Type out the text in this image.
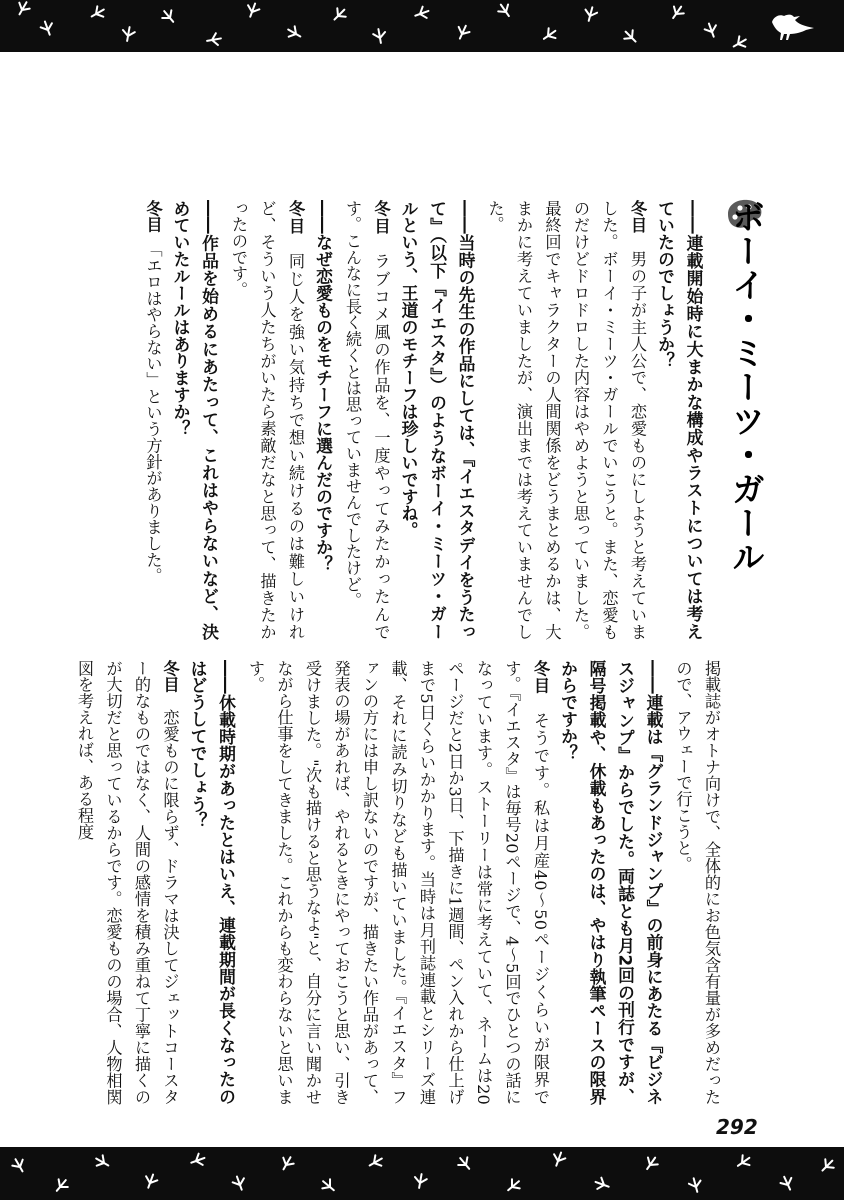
ボーイ・ミーツ・ガール

――連載開始時に大まかな構成やラストについては考えていたのでしょうか？

冬目　男の子が主人公で、恋愛ものにしようと考えていました。ボーイ・ミーツ・ガールでいこうと。また、恋愛ものだけどドロドロした内容はやめようと思っていました。最終回でキャラクターの人間関係をどうまとめるかは、大まかに考えていましたが、演出までは考えていませんでした。

――当時の先生の作品にしては、『イエスタデイをうたって』（以下『イエスタ』）のようなボーイ・ミーツ・ガールという、王道のモチーフは珍しいですね。

冬目　ラブコメ風の作品を、一度やってみたかったんです。こんなに長く続くとは思っていませんでしたけど。

――なぜ恋愛ものをモチーフに選んだのですか？

冬目　同じ人を強い気持ちで想い続けるのは難しいけれど、そういう人たちがいたら素敵だなと思って、描きたかったのです。

――作品を始めるにあたって、これはやらないなど、決めていたルールはありますか？

冬目　「エロはやらない」という方針がありました。

掲載誌がオトナ向けで、全体的にお色気含有量が多めだったので、アウェーで行こうと。

――連載は『グランドジャンプ』の前身にあたる『ビジネスジャンプ』からでした。両誌とも月2回の刊行ですが、隔号掲載や、休載もあったのは、やはり執筆ペースの限界からですか？

冬目　そうです。私は月産40〜50ページくらいが限界です。『イエスタ』は毎号20ページで、4〜5回でひとつの話になっています。ストーリーは常に考えていて、ネームは20ページだと2日か3日、下描きに1週間、ペン入れから仕上げまで5日くらいかかります。当時は月刊誌連載とシリーズ連載、それに読み切りなども描いていました。『イエスタ』ファンの方には申し訳ないのですが、描きたい作品があって、発表の場があれば、やれるときにやっておこうと思い、引き受けました。"次も描けると思うなよ"と、自分に言い聞かせながら仕事をしてきました。これからも変わらないと思います。

――休載時期があったとはいえ、連載期間が長くなったのはどうしてでしょう？

冬目　恋愛ものに限らず、ドラマは決してジェットコースター的なものではなく、人間の感情を積み重ねて丁寧に描くのが大切だと思っているからです。恋愛ものの場合、人物相関図を考えれば、ある程度

292
